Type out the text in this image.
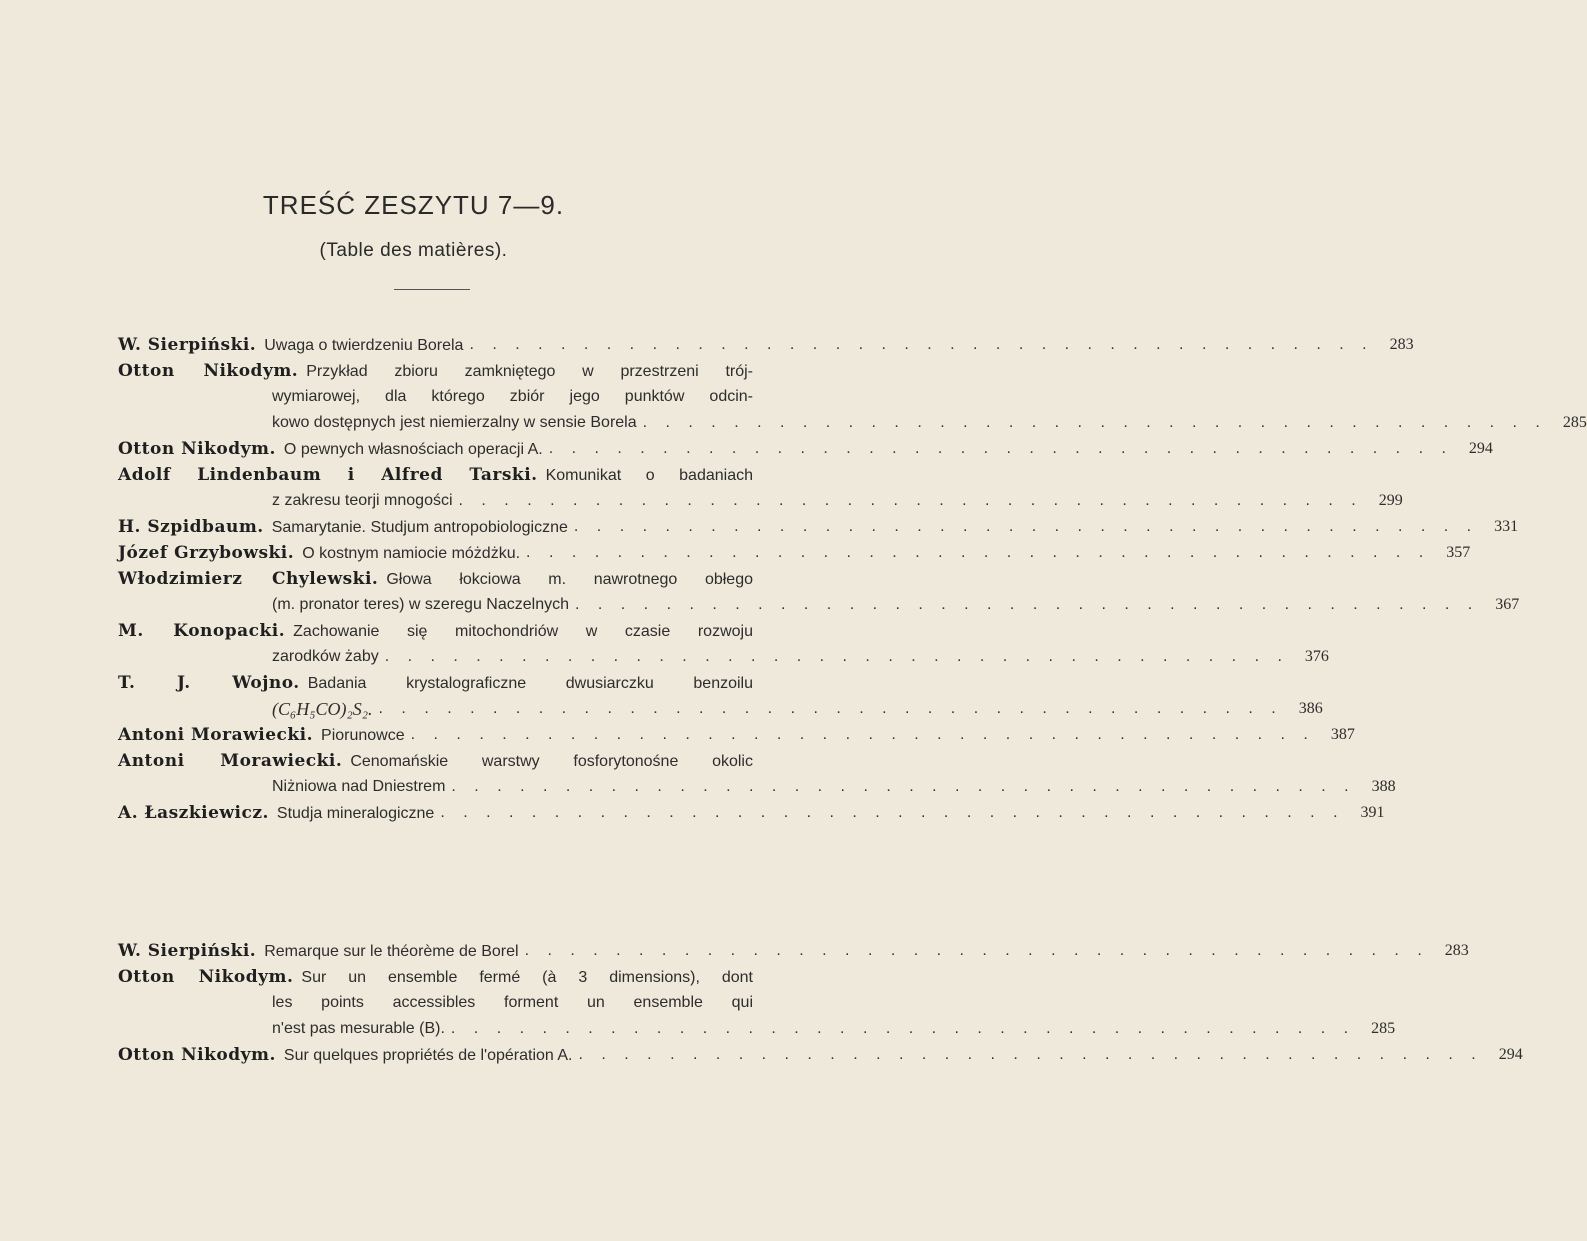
TREŚĆ ZESZYTU 7—9.
(Table des matières).
W. Sierpiński. Uwaga o twierdzeniu Borela . . . . . . . . . . . . . . . . . . . . . . . . . . . . . . . . . . . . . . . .	283
Otton Nikodym. Przykład zbioru zamkniętego w przestrzeni trój-
wymiarowej, dla którego zbiór jego punktów odcin-
kowo dostępnych jest niemierzalny w sensie Borela . . . . . . . . . . . . . . . . . . . . . . . . . . . . . . . . . . . . . . . .	285
Otton Nikodym. O pewnych własnościach operacji A. . . . . . . . . . . . . . . . . . . . . . . . . . . . . . . . . . . . . . . . .	294
Adolf Lindenbaum i Alfred Tarski. Komunikat o badaniach
z zakresu teorji mnogości . . . . . . . . . . . . . . . . . . . . . . . . . . . . . . . . . . . . . . . .	299
H. Szpidbaum. Samarytanie. Studjum antropobiologiczne . . . . . . . . . . . . . . . . . . . . . . . . . . . . . . . . . . . . . . . .	331
Józef Grzybowski. O kostnym namiocie móżdżku. . . . . . . . . . . . . . . . . . . . . . . . . . . . . . . . . . . . . . . . .	357
Włodzimierz Chylewski. Głowa łokciowa m. nawrotnego obłego
(m. pronator teres) w szeregu Naczelnych . . . . . . . . . . . . . . . . . . . . . . . . . . . . . . . . . . . . . . . .	367
M. Konopacki. Zachowanie się mitochondriów w czasie rozwoju
zarodków żaby . . . . . . . . . . . . . . . . . . . . . . . . . . . . . . . . . . . . . . . .	376
T. J. Wojno. Badania krystalograficzne dwusiarczku benzoilu
(C₆H₅CO)₂S₂. . . . . . . . . . . . . . . . . . . . . . . . . . . . . . . . . . . . . . . . .	386
Antoni Morawiecki. Piorunowce . . . . . . . . . . . . . . . . . . . . . . . . . . . . . . . . . . . . . . . .	387
Antoni Morawiecki. Cenomańskie warstwy fosforytonośne okolic
Niżniowa nad Dniestrem . . . . . . . . . . . . . . . . . . . . . . . . . . . . . . . . . . . . . . . .	388
A. Łaszkiewicz. Studja mineralogiczne . . . . . . . . . . . . . . . . . . . . . . . . . . . . . . . . . . . . . . . .	391
W. Sierpiński. Remarque sur le théorème de Borel . . . . . . . . . . . . . . . . . . . . . . . . . . . . . . . . . . . . . . . .	283
Otton Nikodym. Sur un ensemble fermé (à 3 dimensions), dont
les points accessibles forment un ensemble qui
n'est pas mesurable (B). . . . . . . . . . . . . . . . . . . . . . . . . . . . . . . . . . . . . . . . .	285
Otton Nikodym. Sur quelques propriétés de l'opération A. . . . . . . . . . . . . . . . . . . . . . . . . . . . . . . . . . . . . . . . .	294
